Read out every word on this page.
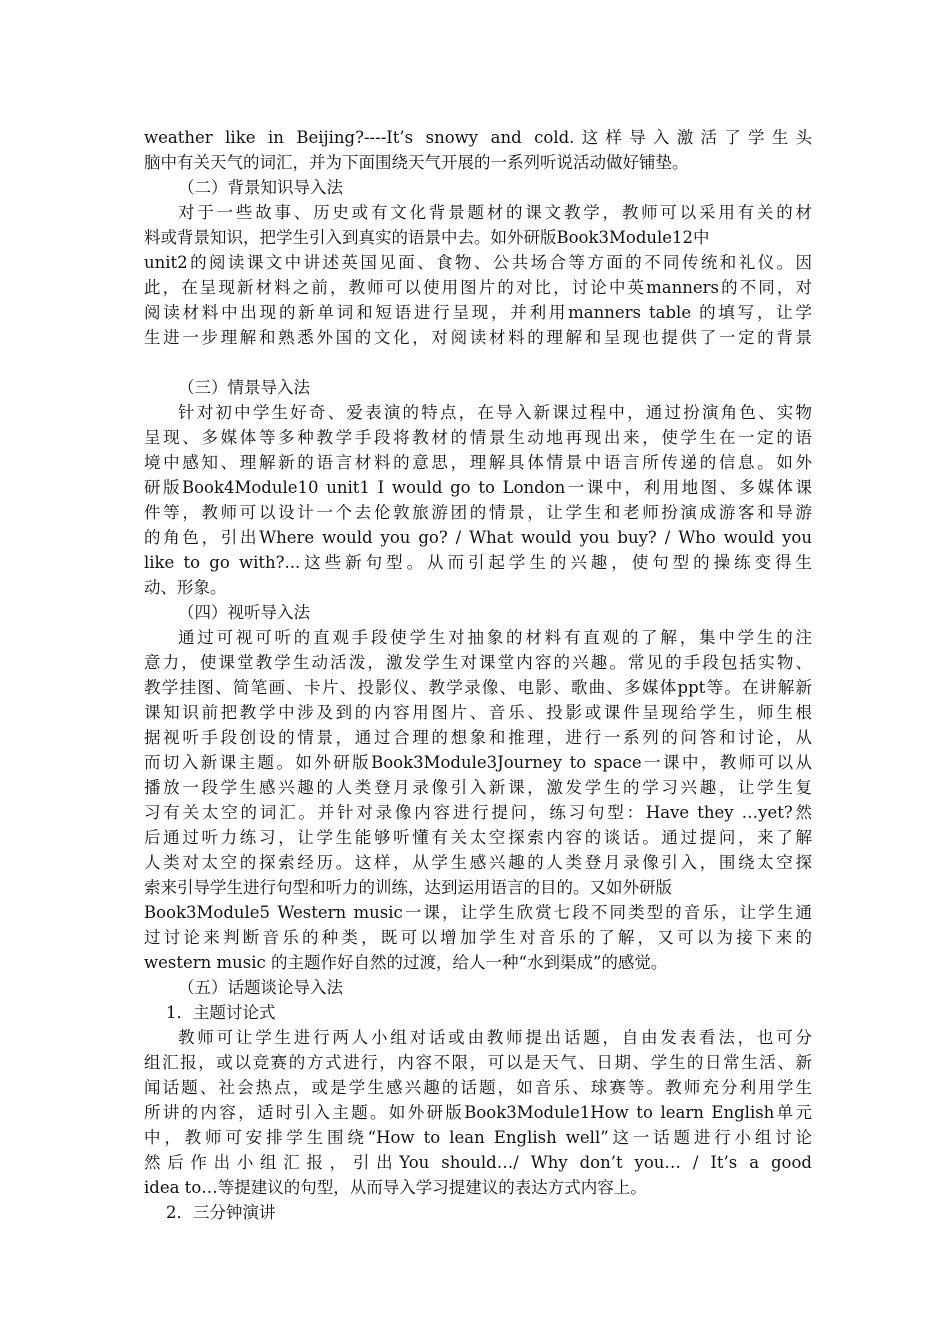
weather like in Beijing?----It’s snowy and cold.这样导入激活了学生头
脑中有关天气的词汇，并为下面围绕天气开展的一系列听说活动做好铺垫。
（二）背景知识导入法
对于一些故事、历史或有文化背景题材的课文教学，教师可以采用有关的材
料或背景知识，把学生引入到真实的语景中去。如外研版Book3Module12中
unit2的阅读课文中讲述英国见面、食物、公共场合等方面的不同传统和礼仪。因
此，在呈现新材料之前，教师可以使用图片的对比，讨论中英manners的不同，对
阅读材料中出现的新单词和短语进行呈现，并利用manners table 的填写，让学
生进一步理解和熟悉外国的文化，对阅读材料的理解和呈现也提供了一定的背景
（三）情景导入法
针对初中学生好奇、爱表演的特点，在导入新课过程中，通过扮演角色、实物
呈现、多媒体等多种教学手段将教材的情景生动地再现出来，使学生在一定的语
境中感知、理解新的语言材料的意思，理解具体情景中语言所传递的信息。如外
研版Book4Module10 unit1 I would go to London一课中，利用地图、多媒体课
件等，教师可以设计一个去伦敦旅游团的情景，让学生和老师扮演成游客和导游
的角色，引出Where would you go? / What would you buy? / Who would you
like to go with?...这些新句型。从而引起学生的兴趣，使句型的操练变得生
动、形象。
（四）视听导入法
通过可视可听的直观手段使学生对抽象的材料有直观的了解，集中学生的注
意力，使课堂教学生动活泼，激发学生对课堂内容的兴趣。常见的手段包括实物、
教学挂图、简笔画、卡片、投影仪、教学录像、电影、歌曲、多媒体ppt等。在讲解新
课知识前把教学中涉及到的内容用图片、音乐、投影或课件呈现给学生，师生根
据视听手段创设的情景，通过合理的想象和推理，进行一系列的问答和讨论，从
而切入新课主题。如外研版Book3Module3Journey to space一课中，教师可以从
播放一段学生感兴趣的人类登月录像引入新课，激发学生的学习兴趣，让学生复
习有关太空的词汇。并针对录像内容进行提问，练习句型：Have they …yet?然
后通过听力练习，让学生能够听懂有关太空探索内容的谈话。通过提问，来了解
人类对太空的探索经历。这样，从学生感兴趣的人类登月录像引入，围绕太空探
索来引导学生进行句型和听力的训练，达到运用语言的目的。又如外研版
Book3Module5 Western music一课，让学生欣赏七段不同类型的音乐，让学生通
过讨论来判断音乐的种类，既可以增加学生对音乐的了解，又可以为接下来的
western music 的主题作好自然的过渡，给人一种“水到渠成”的感觉。
（五）话题谈论导入法
1．主题讨论式
教师可让学生进行两人小组对话或由教师提出话题，自由发表看法，也可分
组汇报，或以竞赛的方式进行，内容不限，可以是天气、日期、学生的日常生活、新
闻话题、社会热点，或是学生感兴趣的话题，如音乐、球赛等。教师充分利用学生
所讲的内容，适时引入主题。如外研版Book3Module1How to learn English单元
中，教师可安排学生围绕“How to lean English well”这一话题进行小组讨论
然后作出小组汇报，引出You should…/ Why don’t you… / It’s a good
idea to…等提建议的句型，从而导入学习提建议的表达方式内容上。
2．三分钟演讲
